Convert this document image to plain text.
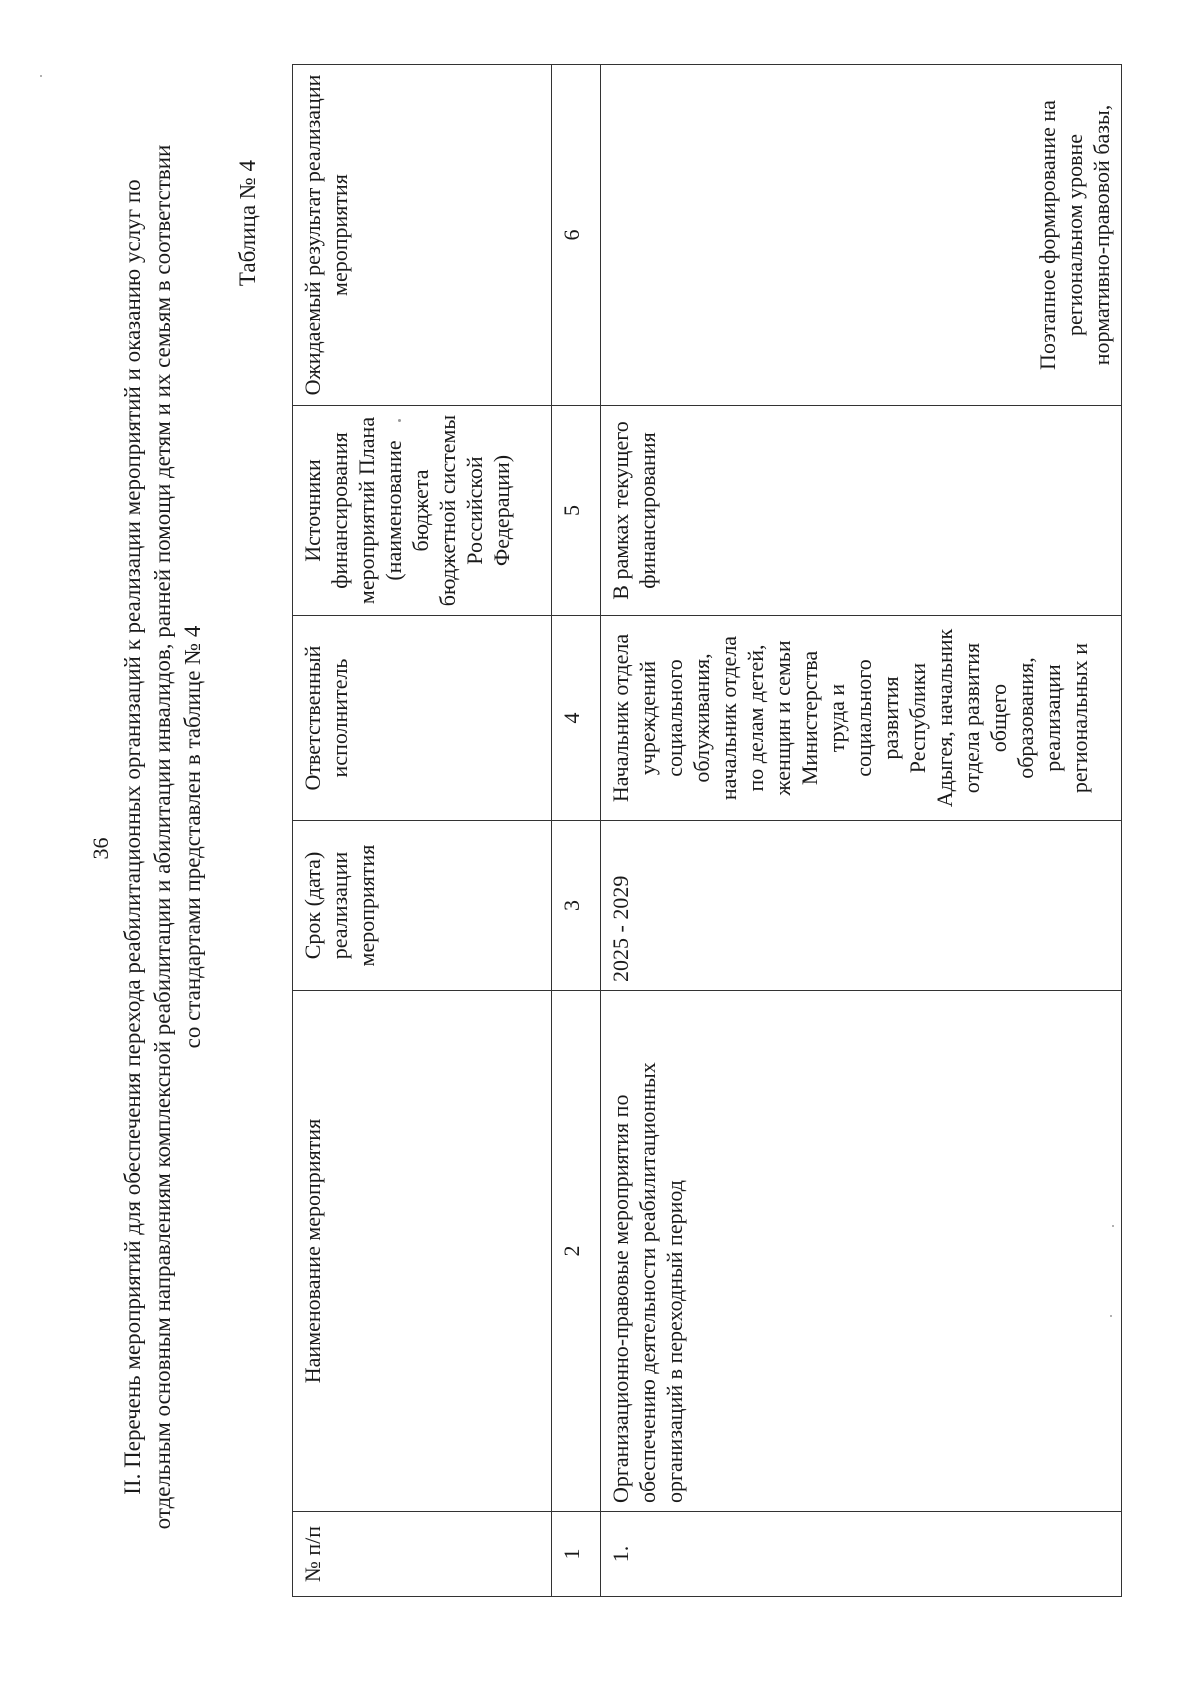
36 II. Перечень мероприятий для обеспечения перехода реабилитационных организаций к реализации мероприятий и оказанию услуг по отдельным основным направлениям комплексной реабилитации и абилитации инвалидов, ранней помощи детям и их семьям в соответствии со стандартами представлен в таблице № 4
Таблица № 4
№ п/п	Наименование мероприятия	Срок (дата) реализации мероприятия	Ответственный исполнитель	Источники финансирования мероприятий Плана (наименование бюджета бюджетной системы Российской Федерации)	Ожидаемый результат реализации мероприятия
1	2	3	4	5	6
1.	Организационно-правовые мероприятия по обеспечению деятельности реабилитационных организаций в переходный период	2025 - 2029	Начальник отдела учреждений социального облуживания, начальник отдела по делам детей, женщин и семьи Министерства труда и социального развития Республики Адыгея, начальник отдела развития общего образования, реализации региональных и	В рамках текущего финансирования	Поэтапное формирование на региональном уровне нормативно-правовой базы,
